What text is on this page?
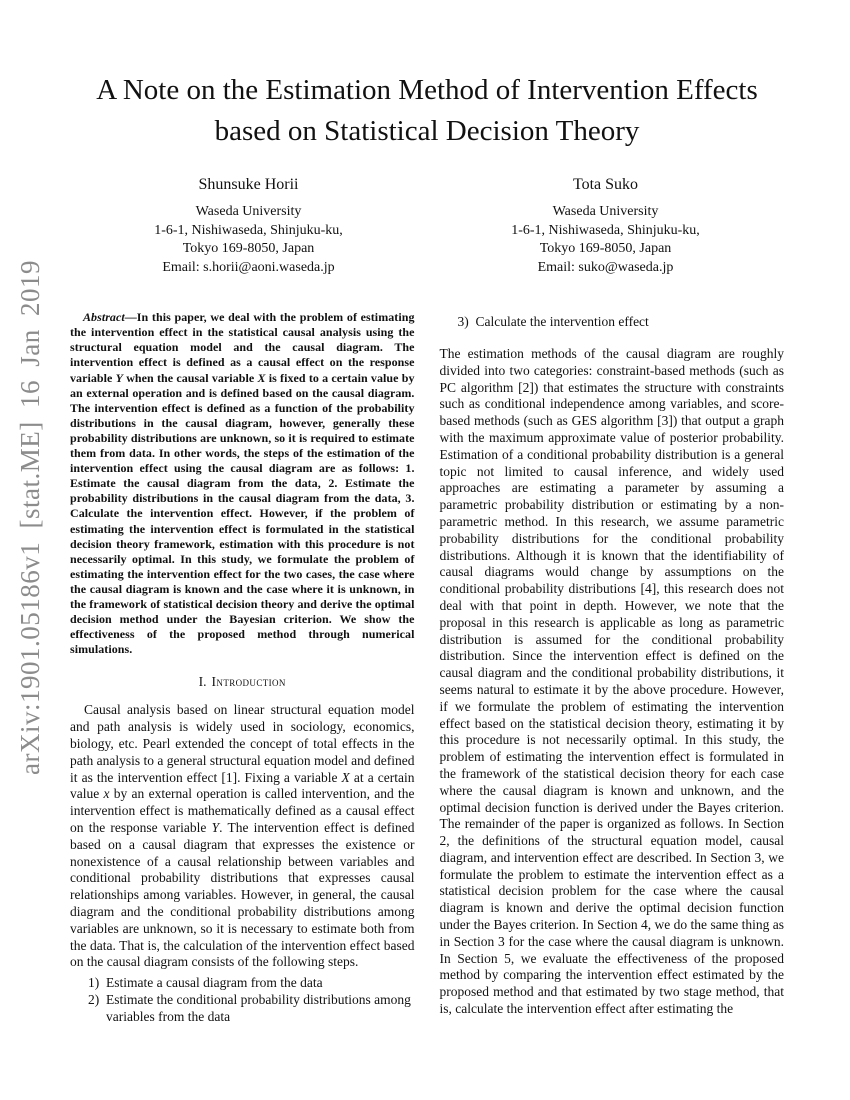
arXiv:1901.05186v1 [stat.ME] 16 Jan 2019
A Note on the Estimation Method of Intervention Effects based on Statistical Decision Theory
Shunsuke Horii
Waseda University
1-6-1, Nishiwaseda, Shinjuku-ku,
Tokyo 169-8050, Japan
Email: s.horii@aoni.waseda.jp
Tota Suko
Waseda University
1-6-1, Nishiwaseda, Shinjuku-ku,
Tokyo 169-8050, Japan
Email: suko@waseda.jp

Abstract—In this paper, we deal with the problem of estimating the intervention effect in the statistical causal analysis using the structural equation model and the causal diagram. The intervention effect is defined as a causal effect on the response variable Y when the causal variable X is fixed to a certain value by an external operation and is defined based on the causal diagram. The intervention effect is defined as a function of the probability distributions in the causal diagram, however, generally these probability distributions are unknown, so it is required to estimate them from data. In other words, the steps of the estimation of the intervention effect using the causal diagram are as follows: 1. Estimate the causal diagram from the data, 2. Estimate the probability distributions in the causal diagram from the data, 3. Calculate the intervention effect. However, if the problem of estimating the intervention effect is formulated in the statistical decision theory framework, estimation with this procedure is not necessarily optimal. In this study, we formulate the problem of estimating the intervention effect for the two cases, the case where the causal diagram is known and the case where it is unknown, in the framework of statistical decision theory and derive the optimal decision method under the Bayesian criterion. We show the effectiveness of the proposed method through numerical simulations.

I. Introduction

Causal analysis based on linear structural equation model and path analysis is widely used in sociology, economics, biology, etc. Pearl extended the concept of total effects in the path analysis to a general structural equation model and defined it as the intervention effect [1]. Fixing a variable X at a certain value x by an external operation is called intervention, and the intervention effect is mathematically defined as a causal effect on the response variable Y. The intervention effect is defined based on a causal diagram that expresses the existence or nonexistence of a causal relationship between variables and conditional probability distributions that expresses causal relationships among variables. However, in general, the causal diagram and the conditional probability distributions among variables are unknown, so it is necessary to estimate both from the data. That is, the calculation of the intervention effect based on the causal diagram consists of the following steps.

1) Estimate a causal diagram from the data
2) Estimate the conditional probability distributions among variables from the data
3) Calculate the intervention effect

The estimation methods of the causal diagram are roughly divided into two categories: constraint-based methods (such as PC algorithm [2]) that estimates the structure with constraints such as conditional independence among variables, and score-based methods (such as GES algorithm [3]) that output a graph with the maximum approximate value of posterior probability. Estimation of a conditional probability distribution is a general topic not limited to causal inference, and widely used approaches are estimating a parameter by assuming a parametric probability distribution or estimating by a non-parametric method. In this research, we assume parametric probability distributions for the conditional probability distributions. Although it is known that the identifiability of causal diagrams would change by assumptions on the conditional probability distributions [4], this research does not deal with that point in depth. However, we note that the proposal in this research is applicable as long as parametric distribution is assumed for the conditional probability distribution. Since the intervention effect is defined on the causal diagram and the conditional probability distributions, it seems natural to estimate it by the above procedure. However, if we formulate the problem of estimating the intervention effect based on the statistical decision theory, estimating it by this procedure is not necessarily optimal. In this study, the problem of estimating the intervention effect is formulated in the framework of the statistical decision theory for each case where the causal diagram is known and unknown, and the optimal decision function is derived under the Bayes criterion. The remainder of the paper is organized as follows. In Section 2, the definitions of the structural equation model, causal diagram, and intervention effect are described. In Section 3, we formulate the problem to estimate the intervention effect as a statistical decision problem for the case where the causal diagram is known and derive the optimal decision function under the Bayes criterion. In Section 4, we do the same thing as in Section 3 for the case where the causal diagram is unknown. In Section 5, we evaluate the effectiveness of the proposed method by comparing the intervention effect estimated by the proposed method and that estimated by two stage method, that is, calculate the intervention effect after estimating the
